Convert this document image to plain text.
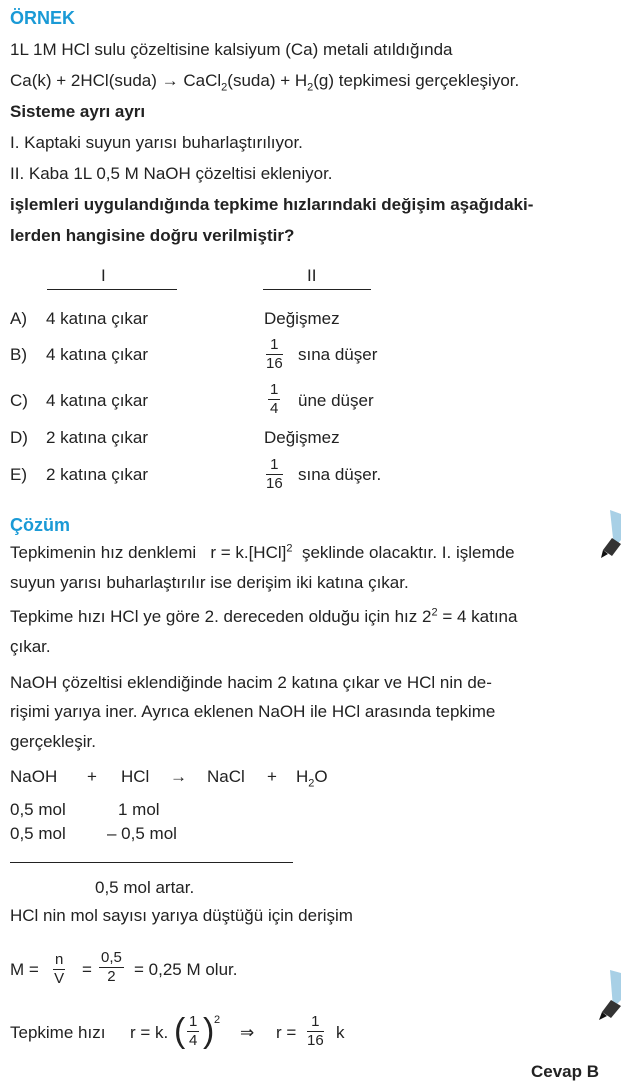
ÖRNEK
1L 1M HCl sulu çözeltisine kalsiyum (Ca) metali atıldığında
Ca(k) + 2HCl(suda) → CaCl$_2$(suda) + $H_2(g)$ tepkimesi gerçekleşiyor.
Sisteme ayrı ayrı
I. Kaptaki suyun yarısı buharlaştırılıyor.
II. Kaba 1L 0,5 M NaOH çözeltisi ekleniyor.
işlemleri uygulandığında tepkime hızlarındaki değişim aşağıdaki-
lerden hangisine doğru verilmiştir?
I	II
A) 4 katına çıkar	Değişmez
B) 4 katına çıkar	$\frac{1}{16}$ sına düşer
C) 4 katına çıkar	$\frac{1}{4}$ üne düşer
D) 2 katına çıkar	Değişmez
E) 2 katına çıkar	$\frac{1}{16}$ sına düşer.
Çözüm
Tepkimenin hız denklemi r = k.[HCl]$^2$ şeklinde olacaktır. I. işlemde
suyun yarısı buharlaştırılır ise derişim iki katına çıkar.
Tepkime hızı HCl ye göre 2. dereceden olduğu için hız $2^2 = 4$ katına
çıkar.
NaOH çözeltisi eklendiğinde hacim 2 katına çıkar ve HCl nin de-
rişimi yarıya iner. Ayrıca eklenen NaOH ile HCl arasında tepkime
gerçekleşir.
NaOH + HCl → NaCl + $H_2O$
0,5 mol	1 mol
0,5 mol – 0,5 mol
0,5 mol artar.
HCl nin mol sayısı yarıya düştüğü için derişim
$M = \frac{n}{V} = \frac{0,5}{2} = 0,25$ M olur.
Tepkime hızı r = k. ( $\frac{1}{4}$ ) 2
⇒ $r = \frac{1}{16}$ k
Cevap B
